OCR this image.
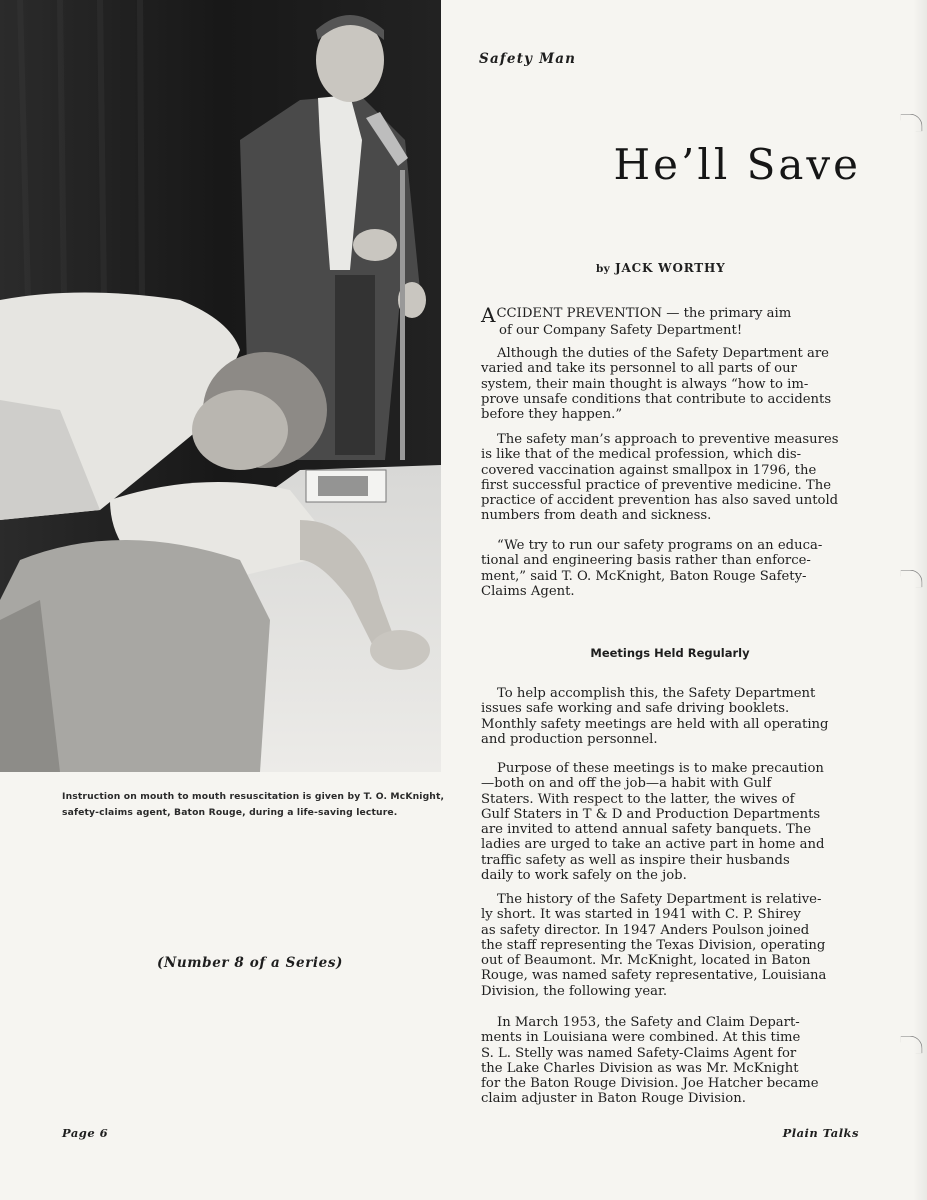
Instruction on mouth to mouth resuscitation is given by T. O. McKnight,
safety-claims agent, Baton Rouge, during a life-saving lecture.
(Number 8 of a Series)
Safety Man
He’ll Save
by JACK WORTHY
ACCIDENT PREVENTION — the primary aim
of our Company Safety Department!
Although the duties of the Safety Department are
varied and take its personnel to all parts of our
system, their main thought is always “how to im-
prove unsafe conditions that contribute to accidents
before they happen.”
The safety man’s approach to preventive measures
is like that of the medical profession, which dis-
covered vaccination against smallpox in 1796, the
first successful practice of preventive medicine. The
practice of accident prevention has also saved untold
numbers from death and sickness.
“We try to run our safety programs on an educa-
tional and engineering basis rather than enforce-
ment,” said T. O. McKnight, Baton Rouge Safety-
Claims Agent.
Meetings Held Regularly
To help accomplish this, the Safety Department
issues safe working and safe driving booklets.
Monthly safety meetings are held with all operating
and production personnel.
Purpose of these meetings is to make precaution
—both on and off the job—a habit with Gulf
Staters. With respect to the latter, the wives of
Gulf Staters in T & D and Production Departments
are invited to attend annual safety banquets. The
ladies are urged to take an active part in home and
traffic safety as well as inspire their husbands
daily to work safely on the job.
The history of the Safety Department is relative-
ly short. It was started in 1941 with C. P. Shirey
as safety director. In 1947 Anders Poulson joined
the staff representing the Texas Division, operating
out of Beaumont. Mr. McKnight, located in Baton
Rouge, was named safety representative, Louisiana
Division, the following year.
In March 1953, the Safety and Claim Depart-
ments in Louisiana were combined. At this time
S. L. Stelly was named Safety-Claims Agent for
the Lake Charles Division as was Mr. McKnight
for the Baton Rouge Division. Joe Hatcher became
claim adjuster in Baton Rouge Division.
Page 6	Plain Talks
